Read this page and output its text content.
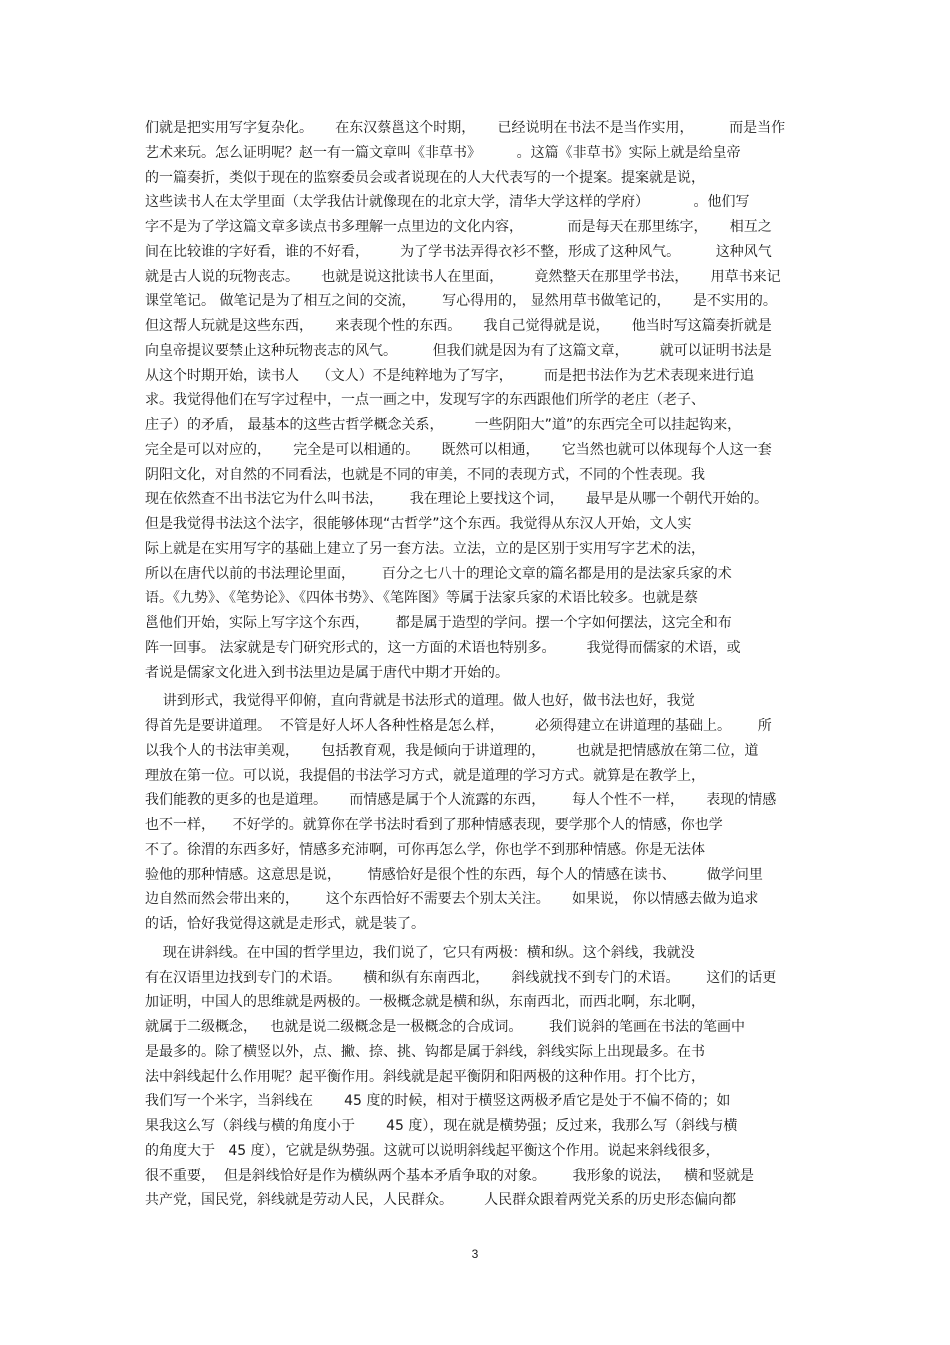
们就是把实用写字复杂化。     在东汉蔡邕这个时期，     已经说明在书法不是当作实用，        而是当作
艺术来玩。怎么证明呢？赵一有一篇文章叫《非草书》        。这篇《非草书》实际上就是给皇帝
的一篇奏折，类似于现在的监察委员会或者说现在的人大代表写的一个提案。提案就是说，
这些读书人在太学里面（太学我估计就像现在的北京大学，清华大学这样的学府）          。他们写
字不是为了学这篇文章多读点书多理解一点里边的文化内容，          而是每天在那里练字，     相互之
间在比较谁的字好看，谁的不好看，       为了学书法弄得衣衫不整，形成了这种风气。        这种风气
就是古人说的玩物丧志。     也就是说这批读书人在里面，       竟然整天在那里学书法，     用草书来记
课堂笔记。 做笔记是为了相互之间的交流，      写心得用的， 显然用草书做笔记的，     是不实用的。
但这帮人玩就是这些东西，     来表现个性的东西。     我自己觉得就是说，     他当时写这篇奏折就是
向皇帝提议要禁止这种玩物丧志的风气。        但我们就是因为有了这篇文章，       就可以证明书法是
从这个时期开始，读书人    （文人）不是纯粹地为了写字，       而是把书法作为艺术表现来进行追
求。我觉得他们在写字过程中，一点一画之中，发现写字的东西跟他们所学的老庄（老子、
庄子）的矛盾， 最基本的这些古哲学概念关系，       一些阴阳大”道”的东西完全可以挂起钩来，
完全是可以对应的，     完全是可以相通的。     既然可以相通，     它当然也就可以体现每个人这一套
阴阳文化，对自然的不同看法，也就是不同的审美，不同的表现方式，不同的个性表现。我
现在依然查不出书法它为什么叫书法，      我在理论上要找这个词，     最早是从哪一个朝代开始的。
但是我觉得书法这个法字，很能够体现“古哲学”这个东西。我觉得从东汉人开始，文人实
际上就是在实用写字的基础上建立了另一套方法。立法，立的是区别于实用写字艺术的法，
所以在唐代以前的书法理论里面，      百分之七八十的理论文章的篇名都是用的是法家兵家的术
语。《九势》、《笔势论》、《四体书势》、《笔阵图》等属于法家兵家的术语比较多。也就是蔡
邕他们开始，实际上写字这个东西，      都是属于造型的学问。摆一个字如何摆法，这完全和布
阵一回事。 法家就是专门研究形式的，这一方面的术语也特别多。       我觉得而儒家的术语，或
者说是儒家文化进入到书法里边是属于唐代中期才开始的。
讲到形式，我觉得平仰俯，直向背就是书法形式的道理。做人也好，做书法也好，我觉
得首先是要讲道理。  不管是好人坏人各种性格是怎么样，       必须得建立在讲道理的基础上。      所
以我个人的书法审美观，     包括教育观，我是倾向于讲道理的，       也就是把情感放在第二位，道
理放在第一位。可以说，我提倡的书法学习方式，就是道理的学习方式。就算是在教学上，
我们能教的更多的也是道理。     而情感是属于个人流露的东西，      每人个性不一样，     表现的情感
也不一样，    不好学的。就算你在学书法时看到了那种情感表现，要学那个人的情感，你也学
不了。徐渭的东西多好，情感多充沛啊，可你再怎么学，你也学不到那种情感。你是无法体
验他的那种情感。这意思是说，      情感恰好是很个性的东西，每个人的情感在读书、       做学问里
边自然而然会带出来的，      这个东西恰好不需要去个别太关注。     如果说， 你以情感去做为追求
的话，恰好我觉得这就是走形式，就是装了。
现在讲斜线。在中国的哲学里边，我们说了，它只有两极：横和纵。这个斜线，我就没
有在汉语里边找到专门的术语。     横和纵有东南西北，     斜线就找不到专门的术语。      这们的话更
加证明，中国人的思维就是两极的。一极概念就是横和纵，东南西北，而西北啊，东北啊，
就属于二级概念，   也就是说二级概念是一极概念的合成词。      我们说斜的笔画在书法的笔画中
是最多的。除了横竖以外，点、撇、捺、挑、钩都是属于斜线，斜线实际上出现最多。在书
法中斜线起什么作用呢？起平衡作用。斜线就是起平衡阴和阳两极的这种作用。打个比方，
我们写一个米字，当斜线在       45 度的时候，相对于横竖这两极矛盾它是处于不偏不倚的；如
果我这么写（斜线与横的角度小于       45 度），现在就是横势强；反过来，我那么写（斜线与横
的角度大于   45 度），它就是纵势强。这就可以说明斜线起平衡这个作用。说起来斜线很多，
很不重要，  但是斜线恰好是作为横纵两个基本矛盾争取的对象。      我形象的说法，   横和竖就是
共产党，国民党，斜线就是劳动人民，人民群众。       人民群众跟着两党关系的历史形态偏向都
3
